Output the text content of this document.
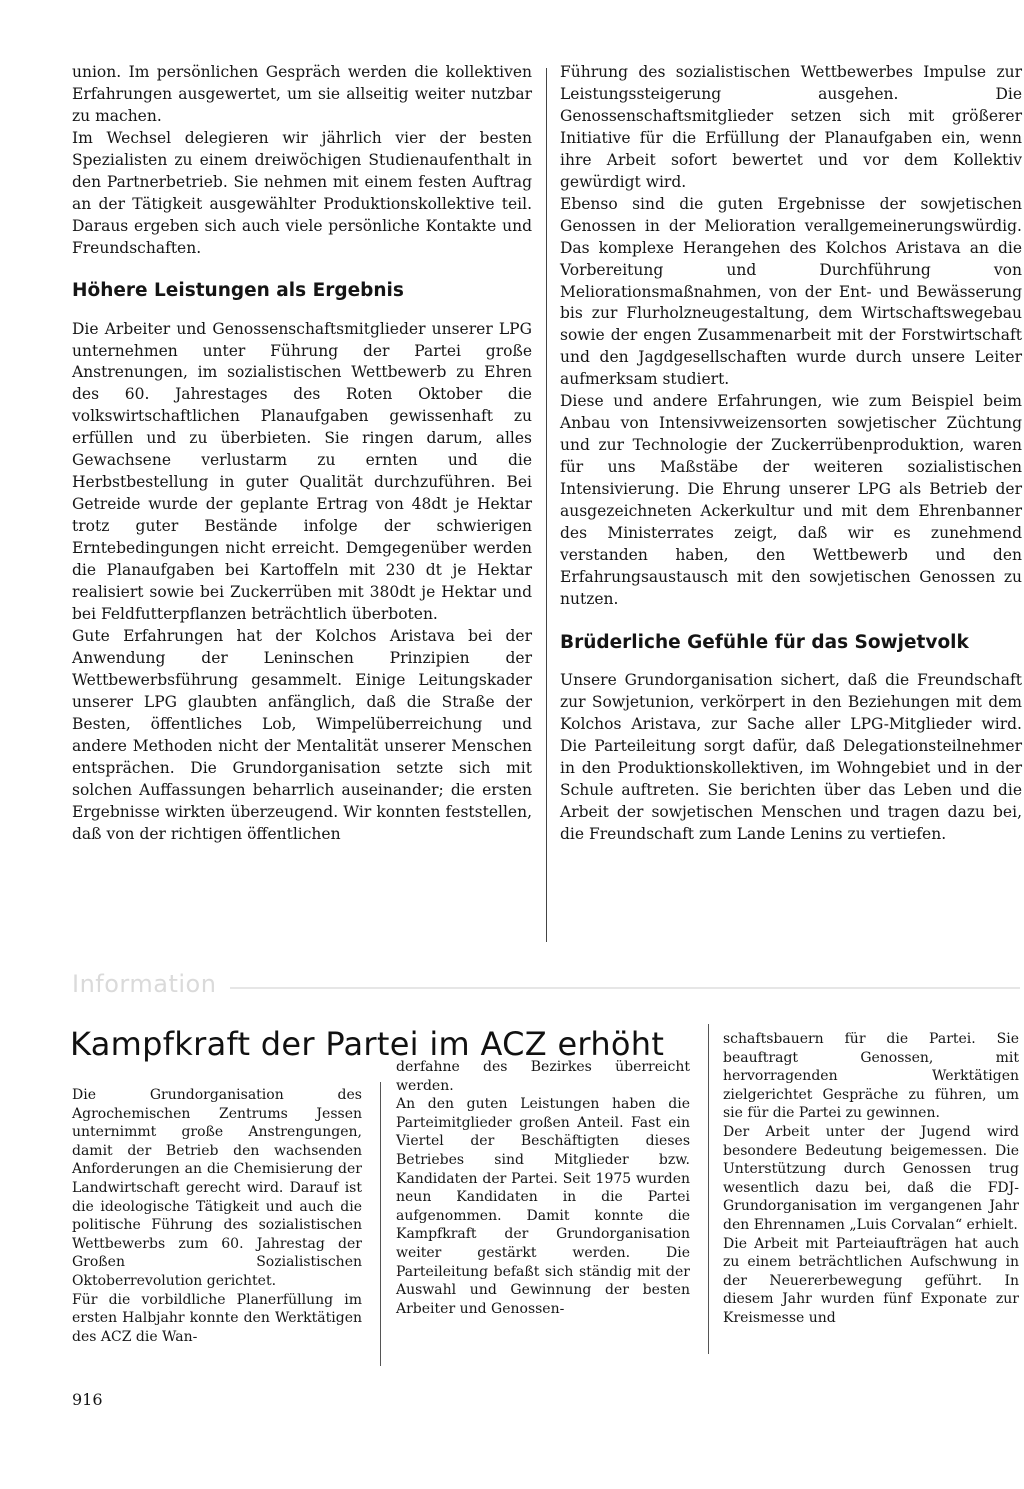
union. Im persönlichen Gespräch werden die kollektiven Erfahrungen ausgewertet, um sie allseitig weiter nutzbar zu machen.

Im Wechsel delegieren wir jährlich vier der besten Spezialisten zu einem dreiwöchigen Studienaufenthalt in den Partnerbetrieb. Sie nehmen mit einem festen Auftrag an der Tätigkeit ausgewählter Produktionskollektive teil. Daraus ergeben sich auch viele persönliche Kontakte und Freundschaften.

Höhere Leistungen als Ergebnis

Die Arbeiter und Genossenschaftsmitglieder unserer LPG unternehmen unter Führung der Partei große Anstrenungen, im sozialistischen Wettbewerb zu Ehren des 60. Jahrestages des Roten Oktober die volkswirtschaftlichen Planaufgaben gewissenhaft zu erfüllen und zu überbieten. Sie ringen darum, alles Gewachsene verlustarm zu ernten und die Herbstbestellung in guter Qualität durchzuführen. Bei Getreide wurde der geplante Ertrag von 48dt je Hektar trotz guter Bestände infolge der schwierigen Erntebedingungen nicht erreicht. Demgegenüber werden die Planaufgaben bei Kartoffeln mit 230 dt je Hektar realisiert sowie bei Zuckerrüben mit 380dt je Hektar und bei Feldfutterpflanzen beträchtlich überboten.

Gute Erfahrungen hat der Kolchos Aristava bei der Anwendung der Leninschen Prinzipien der Wettbewerbsführung gesammelt. Einige Leitungskader unserer LPG glaubten anfänglich, daß die Straße der Besten, öffentliches Lob, Wimpelüberreichung und andere Methoden nicht der Mentalität unserer Menschen entsprächen. Die Grundorganisation setzte sich mit solchen Auffassungen beharrlich auseinander; die ersten Ergebnisse wirkten überzeugend. Wir konnten feststellen, daß von der richtigen öffentlichen

Führung des sozialistischen Wettbewerbes Impulse zur Leistungssteigerung ausgehen. Die Genossenschaftsmitglieder setzen sich mit größerer Initiative für die Erfüllung der Planaufgaben ein, wenn ihre Arbeit sofort bewertet und vor dem Kollektiv gewürdigt wird.

Ebenso sind die guten Ergebnisse der sowjetischen Genossen in der Melioration verallgemeinerungswürdig. Das komplexe Herangehen des Kolchos Aristava an die Vorbereitung und Durchführung von Meliorationsmaßnahmen, von der Ent- und Bewässerung bis zur Flurholzneugestaltung, dem Wirtschaftswegebau sowie der engen Zusammenarbeit mit der Forstwirtschaft und den Jagdgesellschaften wurde durch unsere Leiter aufmerksam studiert.

Diese und andere Erfahrungen, wie zum Beispiel beim Anbau von Intensivweizensorten sowjetischer Züchtung und zur Technologie der Zuckerrübenproduktion, waren für uns Maßstäbe der weiteren sozialistischen Intensivierung. Die Ehrung unserer LPG als Betrieb der ausgezeichneten Ackerkultur und mit dem Ehrenbanner des Ministerrates zeigt, daß wir es zunehmend verstanden haben, den Wettbewerb und den Erfahrungsaustausch mit den sowjetischen Genossen zu nutzen.

Brüderliche Gefühle für das Sowjetvolk

Unsere Grundorganisation sichert, daß die Freundschaft zur Sowjetunion, verkörpert in den Beziehungen mit dem Kolchos Aristava, zur Sache aller LPG-Mitglieder wird. Die Parteileitung sorgt dafür, daß Delegationsteilnehmer in den Produktionskollektiven, im Wohngebiet und in der Schule auftreten. Sie berichten über das Leben und die Arbeit der sowjetischen Menschen und tragen dazu bei, die Freundschaft zum Lande Lenins zu vertiefen.

Information
Kampfkraft der Partei im ACZ erhöht

Die Grundorganisation des Agrochemischen Zentrums Jessen unternimmt große Anstrengungen, damit der Betrieb den wachsenden Anforderungen an die Chemisierung der Landwirtschaft gerecht wird. Darauf ist die ideologische Tätigkeit und auch die politische Führung des sozialistischen Wettbewerbs zum 60. Jahrestag der Großen Sozialistischen Oktoberrevolution gerichtet.

Für die vorbildliche Planerfüllung im ersten Halbjahr konnte den Werktätigen des ACZ die Wan-

derfahne des Bezirkes überreicht werden.

An den guten Leistungen haben die Parteimitglieder großen Anteil. Fast ein Viertel der Beschäftigten dieses Betriebes sind Mitglieder bzw. Kandidaten der Partei. Seit 1975 wurden neun Kandidaten in die Partei aufgenommen. Damit konnte die Kampfkraft der Grundorganisation weiter gestärkt werden. Die Parteileitung befaßt sich ständig mit der Auswahl und Gewinnung der besten Arbeiter und Genossen-

schaftsbauern für die Partei. Sie beauftragt Genossen, mit hervorragenden Werktätigen zielgerichtet Gespräche zu führen, um sie für die Partei zu gewinnen.

Der Arbeit unter der Jugend wird besondere Bedeutung beigemessen. Die Unterstützung durch Genossen trug wesentlich dazu bei, daß die FDJ-Grundorganisation im vergangenen Jahr den Ehrennamen „Luis Corvalan“ erhielt.

Die Arbeit mit Parteiaufträgen hat auch zu einem beträchtlichen Aufschwung in der Neuererbewegung geführt. In diesem Jahr wurden fünf Exponate zur Kreismesse und

916
